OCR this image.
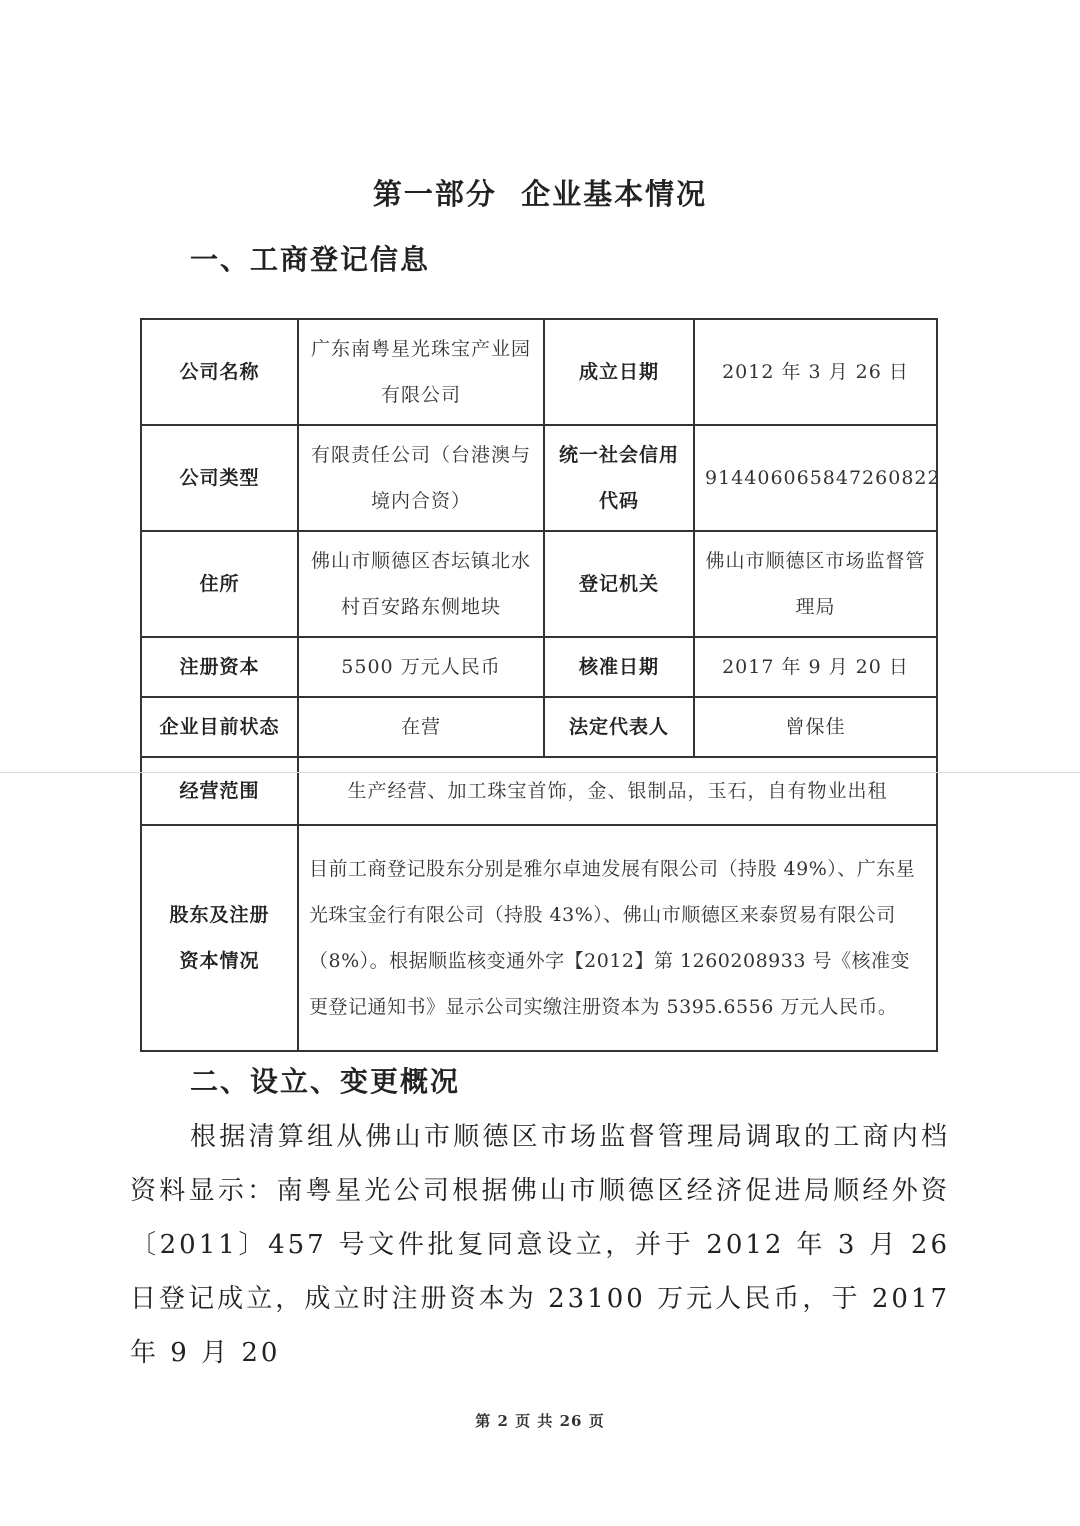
第一部分  企业基本情况
一、工商登记信息
公司名称	广东南粤星光珠宝产业园有限公司	成立日期	2012 年 3 月 26 日
公司类型	有限责任公司（台港澳与境内合资）	统一社会信用代码	914406065847260822
住所	佛山市顺德区杏坛镇北水村百安路东侧地块	登记机关	佛山市顺德区市场监督管理局
注册资本	5500 万元人民币	核准日期	2017 年 9 月 20 日
企业目前状态	在营	法定代表人	曾保佳
经营范围	生产经营、加工珠宝首饰，金、银制品，玉石，自有物业出租		
股东及注册资本情况	目前工商登记股东分别是雅尔卓迪发展有限公司（持股 49%）、广东星光珠宝金行有限公司（持股 43%）、佛山市顺德区来泰贸易有限公司（8%）。根据顺监核变通外字【2012】第 1260208933 号《核准变更登记通知书》显示公司实缴注册资本为 5395.6556 万元人民币。		
二、设立、变更概况
根据清算组从佛山市顺德区市场监督管理局调取的工商内档资料显示：南粤星光公司根据佛山市顺德区经济促进局顺经外资〔2011〕457 号文件批复同意设立，并于 2012 年 3 月 26 日登记成立，成立时注册资本为 23100 万元人民币，于 2017 年 9 月 20
第 2 页 共 26 页
